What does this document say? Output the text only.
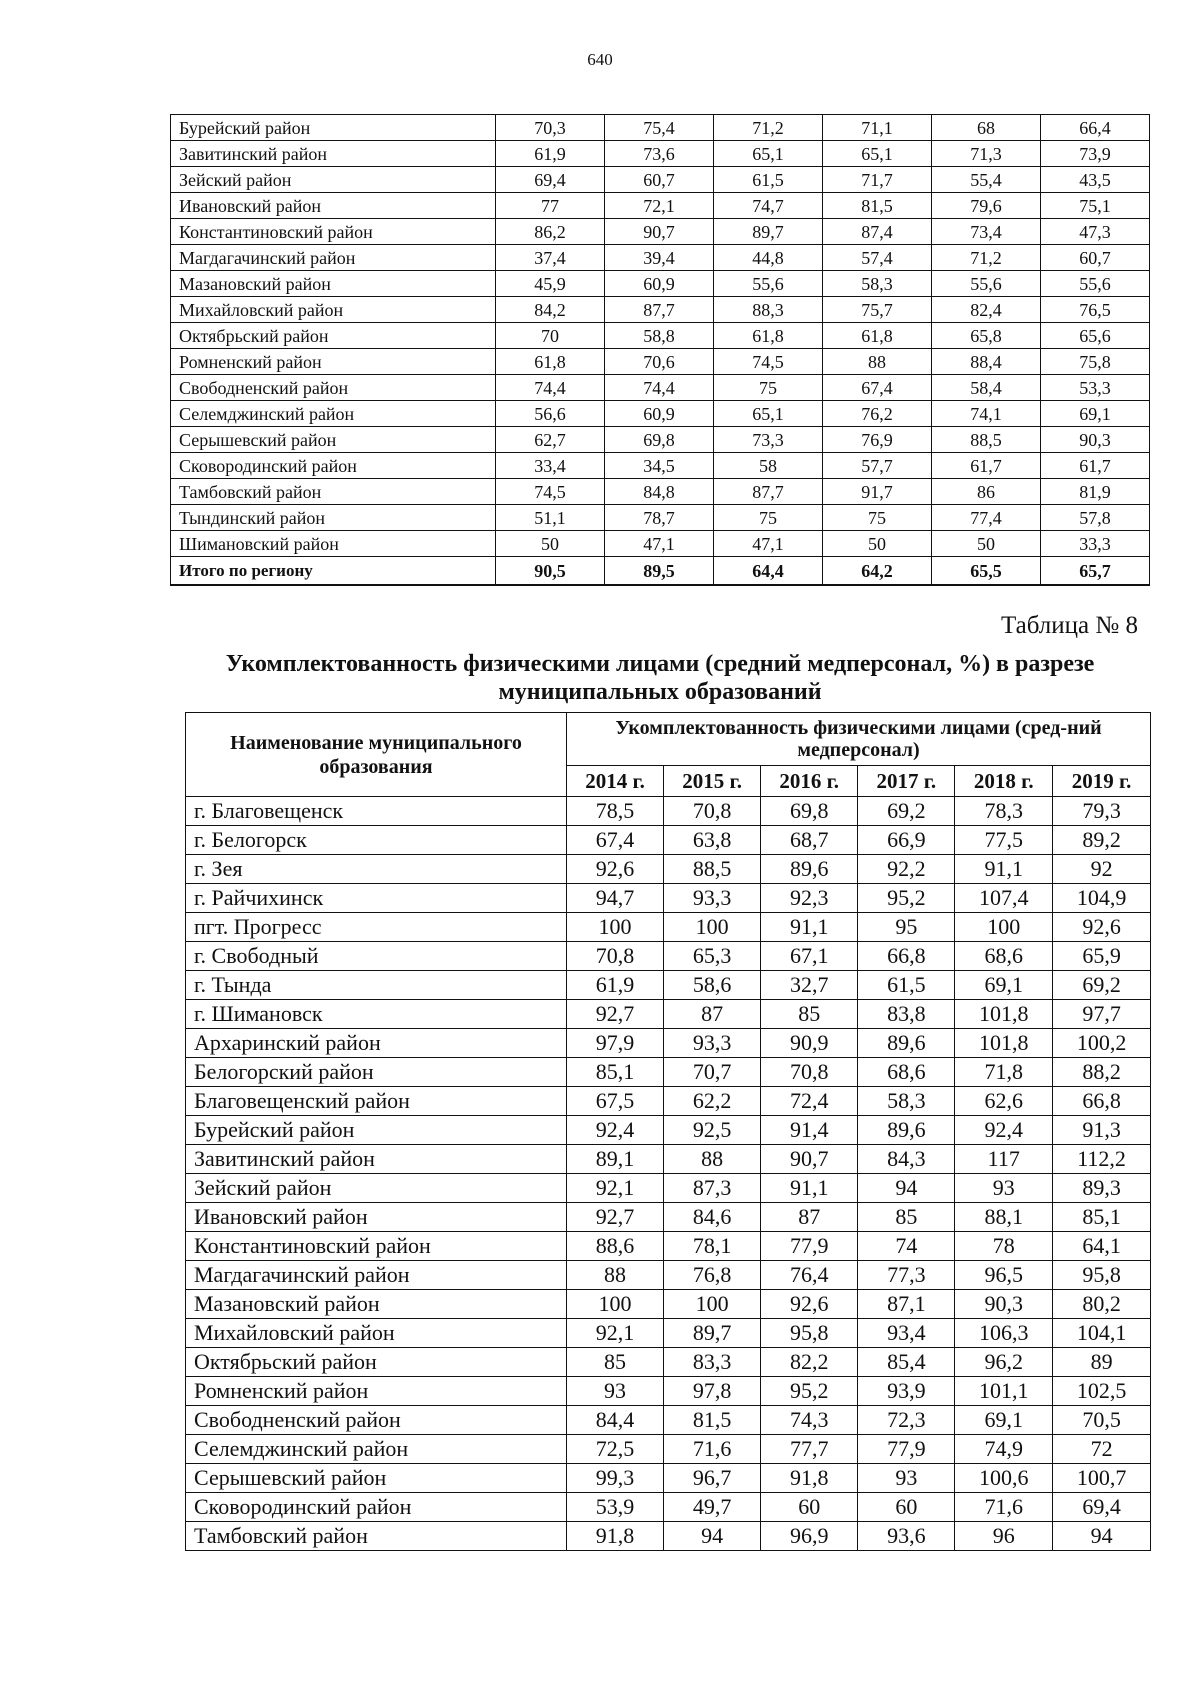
640
Бурейский район	70,3	75,4	71,2	71,1	68	66,4
Завитинский район	61,9	73,6	65,1	65,1	71,3	73,9
Зейский район	69,4	60,7	61,5	71,7	55,4	43,5
Ивановский район	77	72,1	74,7	81,5	79,6	75,1
Константиновский район	86,2	90,7	89,7	87,4	73,4	47,3
Магдагачинский район	37,4	39,4	44,8	57,4	71,2	60,7
Мазановский район	45,9	60,9	55,6	58,3	55,6	55,6
Михайловский район	84,2	87,7	88,3	75,7	82,4	76,5
Октябрьский район	70	58,8	61,8	61,8	65,8	65,6
Ромненский район	61,8	70,6	74,5	88	88,4	75,8
Свободненский район	74,4	74,4	75	67,4	58,4	53,3
Селемджинский район	56,6	60,9	65,1	76,2	74,1	69,1
Серышевский район	62,7	69,8	73,3	76,9	88,5	90,3
Сковородинский район	33,4	34,5	58	57,7	61,7	61,7
Тамбовский район	74,5	84,8	87,7	91,7	86	81,9
Тындинский район	51,1	78,7	75	75	77,4	57,8
Шимановский район	50	47,1	47,1	50	50	33,3
Итого по региону	90,5	89,5	64,4	64,2	65,5	65,7
Таблица № 8
Укомплектованность физическими лицами (средний медперсонал, %) в разрезе муниципальных образований
Наименование муниципального образования	Укомплектованность физическими лицами (сред-ний медперсонал)					
	2014 г.	2015 г.	2016 г.	2017 г.	2018 г.	2019 г.
г. Благовещенск	78,5	70,8	69,8	69,2	78,3	79,3
г. Белогорск	67,4	63,8	68,7	66,9	77,5	89,2
г. Зея	92,6	88,5	89,6	92,2	91,1	92
г. Райчихинск	94,7	93,3	92,3	95,2	107,4	104,9
пгт. Прогресс	100	100	91,1	95	100	92,6
г. Свободный	70,8	65,3	67,1	66,8	68,6	65,9
г. Тында	61,9	58,6	32,7	61,5	69,1	69,2
г. Шимановск	92,7	87	85	83,8	101,8	97,7
Архаринский район	97,9	93,3	90,9	89,6	101,8	100,2
Белогорский район	85,1	70,7	70,8	68,6	71,8	88,2
Благовещенский район	67,5	62,2	72,4	58,3	62,6	66,8
Бурейский район	92,4	92,5	91,4	89,6	92,4	91,3
Завитинский район	89,1	88	90,7	84,3	117	112,2
Зейский район	92,1	87,3	91,1	94	93	89,3
Ивановский район	92,7	84,6	87	85	88,1	85,1
Константиновский район	88,6	78,1	77,9	74	78	64,1
Магдагачинский район	88	76,8	76,4	77,3	96,5	95,8
Мазановский район	100	100	92,6	87,1	90,3	80,2
Михайловский район	92,1	89,7	95,8	93,4	106,3	104,1
Октябрьский район	85	83,3	82,2	85,4	96,2	89
Ромненский район	93	97,8	95,2	93,9	101,1	102,5
Свободненский район	84,4	81,5	74,3	72,3	69,1	70,5
Селемджинский район	72,5	71,6	77,7	77,9	74,9	72
Серышевский район	99,3	96,7	91,8	93	100,6	100,7
Сковородинский район	53,9	49,7	60	60	71,6	69,4
Тамбовский район	91,8	94	96,9	93,6	96	94
